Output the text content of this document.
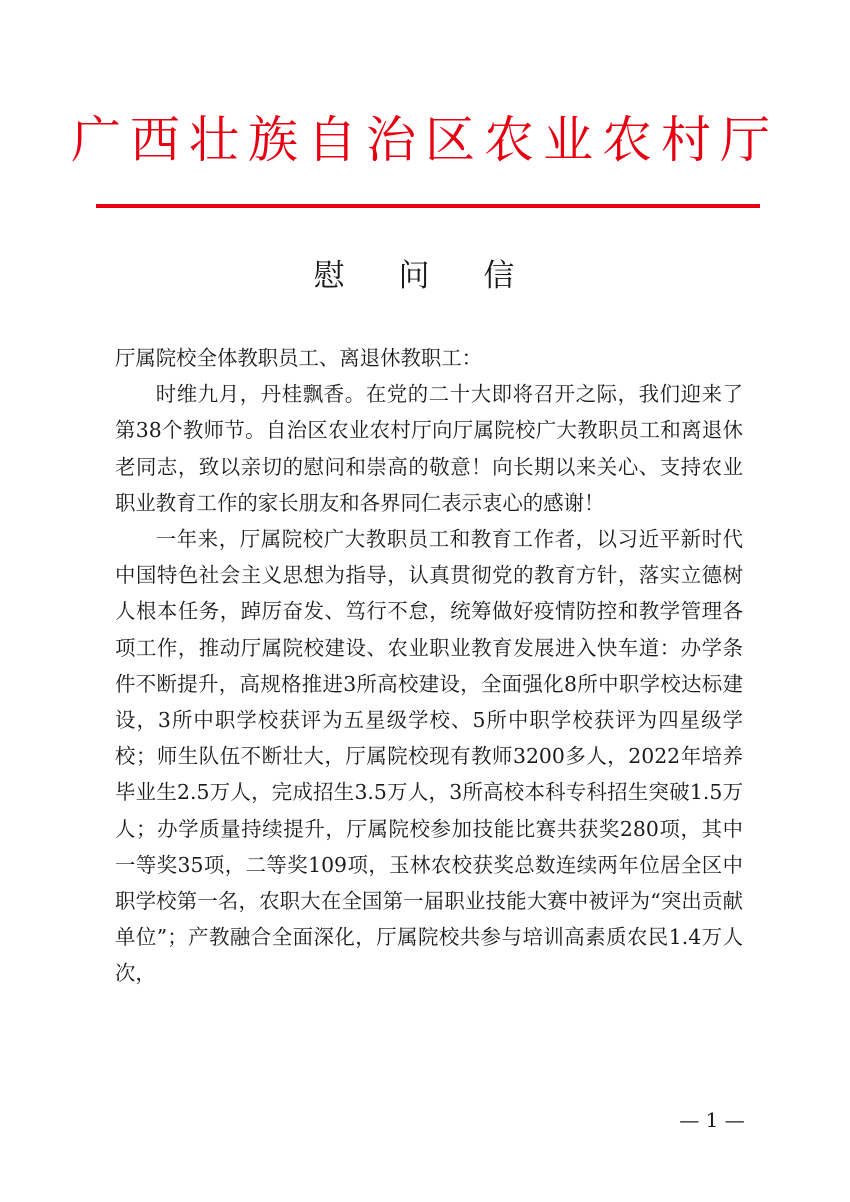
广西壮族自治区农业农村厅
慰 问 信

厅属院校全体教职员工、离退休教职工：

时维九月，丹桂飘香。在党的二十大即将召开之际，我们迎来了第38个教师节。自治区农业农村厅向厅属院校广大教职员工和离退休老同志，致以亲切的慰问和崇高的敬意！向长期以来关心、支持农业职业教育工作的家长朋友和各界同仁表示衷心的感谢！

一年来，厅属院校广大教职员工和教育工作者，以习近平新时代中国特色社会主义思想为指导，认真贯彻党的教育方针，落实立德树人根本任务，踔厉奋发、笃行不怠，统筹做好疫情防控和教学管理各项工作，推动厅属院校建设、农业职业教育发展进入快车道：办学条件不断提升，高规格推进3所高校建设，全面强化8所中职学校达标建设，3所中职学校获评为五星级学校、5所中职学校获评为四星级学校；师生队伍不断壮大，厅属院校现有教师3200多人，2022年培养毕业生2.5万人，完成招生3.5万人，3所高校本科专科招生突破1.5万人；办学质量持续提升，厅属院校参加技能比赛共获奖280项，其中一等奖35项，二等奖109项，玉林农校获奖总数连续两年位居全区中职学校第一名，农职大在全国第一届职业技能大赛中被评为“突出贡献单位”；产教融合全面深化，厅属院校共参与培训高素质农民1.4万人次，

— 1 —
